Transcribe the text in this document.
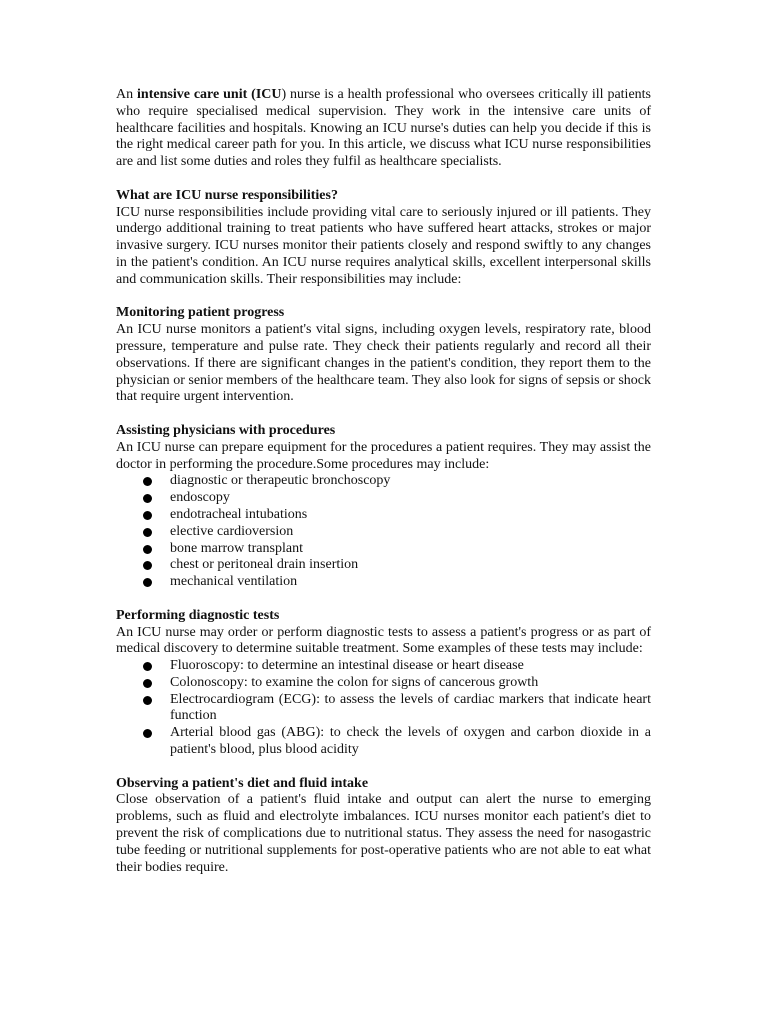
An intensive care unit (ICU) nurse is a health professional who oversees critically ill patients who require specialised medical supervision. They work in the intensive care units of healthcare facilities and hospitals. Knowing an ICU nurse's duties can help you decide if this is the right medical career path for you. In this article, we discuss what ICU nurse responsibilities are and list some duties and roles they fulfil as healthcare specialists.

What are ICU nurse responsibilities?

ICU nurse responsibilities include providing vital care to seriously injured or ill patients. They undergo additional training to treat patients who have suffered heart attacks, strokes or major invasive surgery. ICU nurses monitor their patients closely and respond swiftly to any changes in the patient's condition. An ICU nurse requires analytical skills, excellent interpersonal skills and communication skills. Their responsibilities may include:

Monitoring patient progress

An ICU nurse monitors a patient's vital signs, including oxygen levels, respiratory rate, blood pressure, temperature and pulse rate. They check their patients regularly and record all their observations. If there are significant changes in the patient's condition, they report them to the physician or senior members of the healthcare team. They also look for signs of sepsis or shock that require urgent intervention.

Assisting physicians with procedures

An ICU nurse can prepare equipment for the procedures a patient requires. They may assist the doctor in performing the procedure.Some procedures may include:

diagnostic or therapeutic bronchoscopy
endoscopy
endotracheal intubations
elective cardioversion
bone marrow transplant
chest or peritoneal drain insertion
mechanical ventilation
Performing diagnostic tests

An ICU nurse may order or perform diagnostic tests to assess a patient's progress or as part of medical discovery to determine suitable treatment. Some examples of these tests may include:

Fluoroscopy: to determine an intestinal disease or heart disease
Colonoscopy: to examine the colon for signs of cancerous growth
Electrocardiogram (ECG): to assess the levels of cardiac markers that indicate heart function
Arterial blood gas (ABG): to check the levels of oxygen and carbon dioxide in a patient's blood, plus blood acidity
Observing a patient's diet and fluid intake

Close observation of a patient's fluid intake and output can alert the nurse to emerging problems, such as fluid and electrolyte imbalances. ICU nurses monitor each patient's diet to prevent the risk of complications due to nutritional status. They assess the need for nasogastric tube feeding or nutritional supplements for post-operative patients who are not able to eat what their bodies require.
